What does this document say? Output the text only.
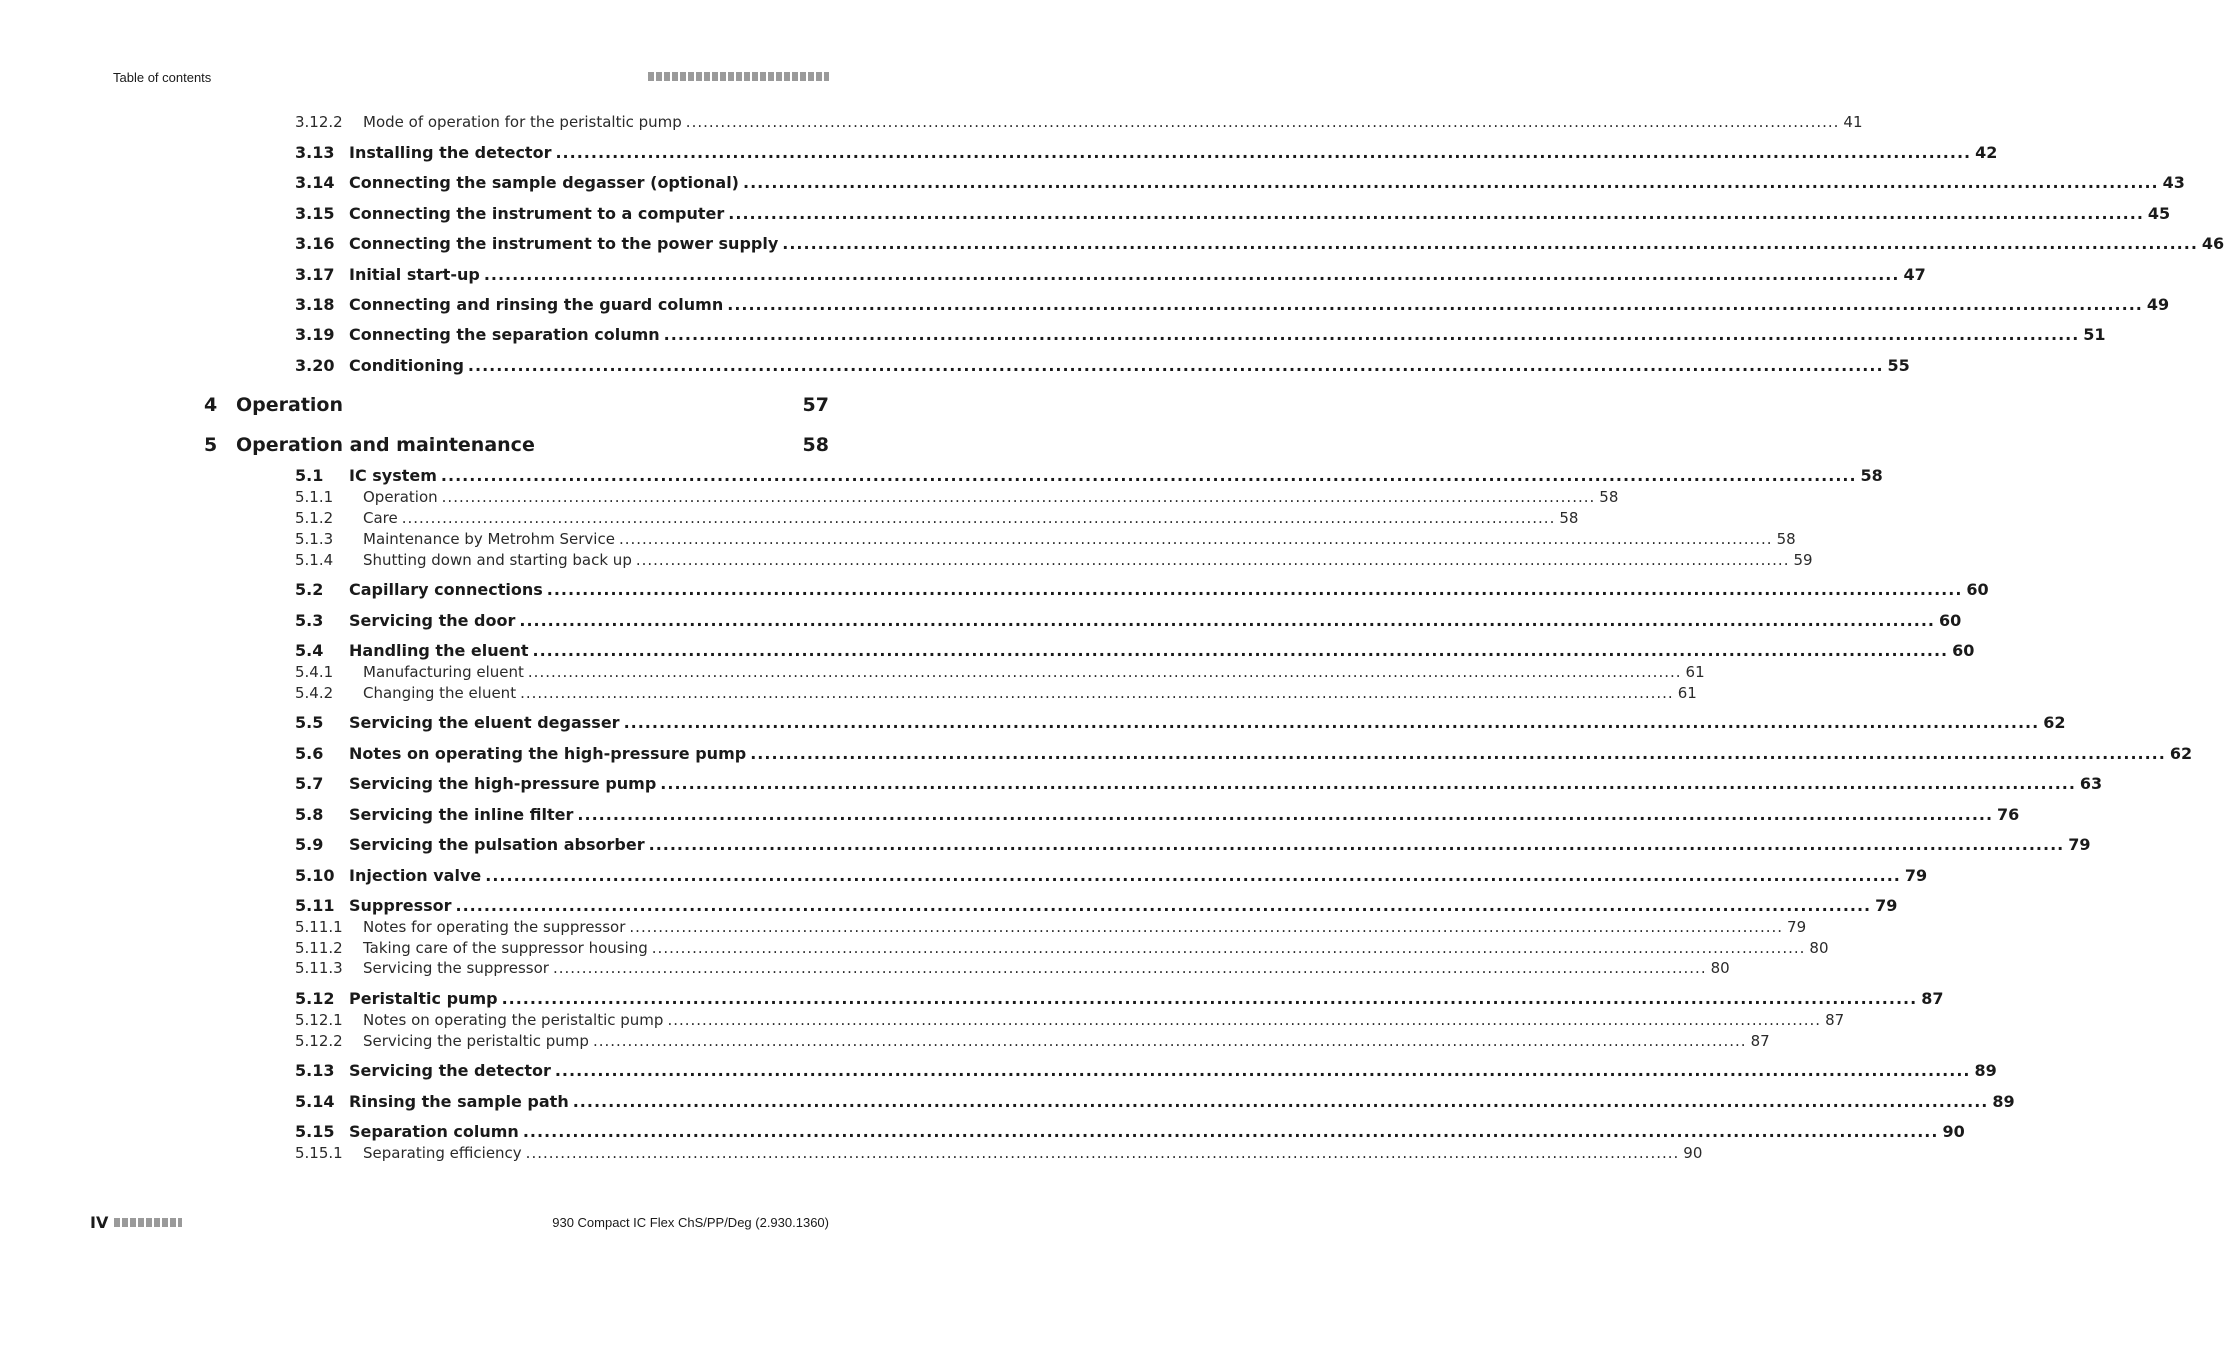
Table of contents
3.12.2	Mode of operation for the peristaltic pump ........................................................................................................................................................................................................ 41
3.13 Installing the detector ........................................................................................................................................................................................................ 42
3.14 Connecting the sample degasser (optional) ........................................................................................................................................................................................................ 43
3.15 Connecting the instrument to a computer ........................................................................................................................................................................................................ 45
3.16 Connecting the instrument to the power supply ........................................................................................................................................................................................................ 46
3.17 Initial start-up ........................................................................................................................................................................................................ 47
3.18 Connecting and rinsing the guard column ........................................................................................................................................................................................................ 49
3.19 Connecting the separation column ........................................................................................................................................................................................................ 51
3.20 Conditioning ........................................................................................................................................................................................................ 55
4 Operation	57
5 Operation and maintenance	58
5.1	IC system ........................................................................................................................................................................................................ 58
5.1.1	Operation ........................................................................................................................................................................................................ 58
5.1.2	Care ........................................................................................................................................................................................................ 58
5.1.3	Maintenance by Metrohm Service ........................................................................................................................................................................................................ 58
5.1.4	Shutting down and starting back up ........................................................................................................................................................................................................ 59
5.2	Capillary connections ........................................................................................................................................................................................................ 60
5.3	Servicing the door ........................................................................................................................................................................................................ 60
5.4	Handling the eluent ........................................................................................................................................................................................................ 60
5.4.1	Manufacturing eluent ........................................................................................................................................................................................................ 61
5.4.2	Changing the eluent ........................................................................................................................................................................................................ 61
5.5	Servicing the eluent degasser ........................................................................................................................................................................................................ 62
5.6	Notes on operating the high-pressure pump ........................................................................................................................................................................................................ 62
5.7	Servicing the high-pressure pump ........................................................................................................................................................................................................ 63
5.8	Servicing the inline filter ........................................................................................................................................................................................................ 76
5.9	Servicing the pulsation absorber ........................................................................................................................................................................................................ 79
5.10 Injection valve ........................................................................................................................................................................................................ 79
5.11 Suppressor ........................................................................................................................................................................................................ 79
5.11.1	Notes for operating the suppressor ........................................................................................................................................................................................................ 79
5.11.2	Taking care of the suppressor housing ........................................................................................................................................................................................................ 80
5.11.3	Servicing the suppressor ........................................................................................................................................................................................................ 80
5.12 Peristaltic pump ........................................................................................................................................................................................................ 87
5.12.1	Notes on operating the peristaltic pump ........................................................................................................................................................................................................ 87
5.12.2	Servicing the peristaltic pump ........................................................................................................................................................................................................ 87
5.13 Servicing the detector ........................................................................................................................................................................................................ 89
5.14 Rinsing the sample path ........................................................................................................................................................................................................ 89
5.15 Separation column ........................................................................................................................................................................................................ 90
5.15.1	Separating efficiency ........................................................................................................................................................................................................ 90
IV	930 Compact IC Flex ChS/PP/Deg (2.930.1360)
